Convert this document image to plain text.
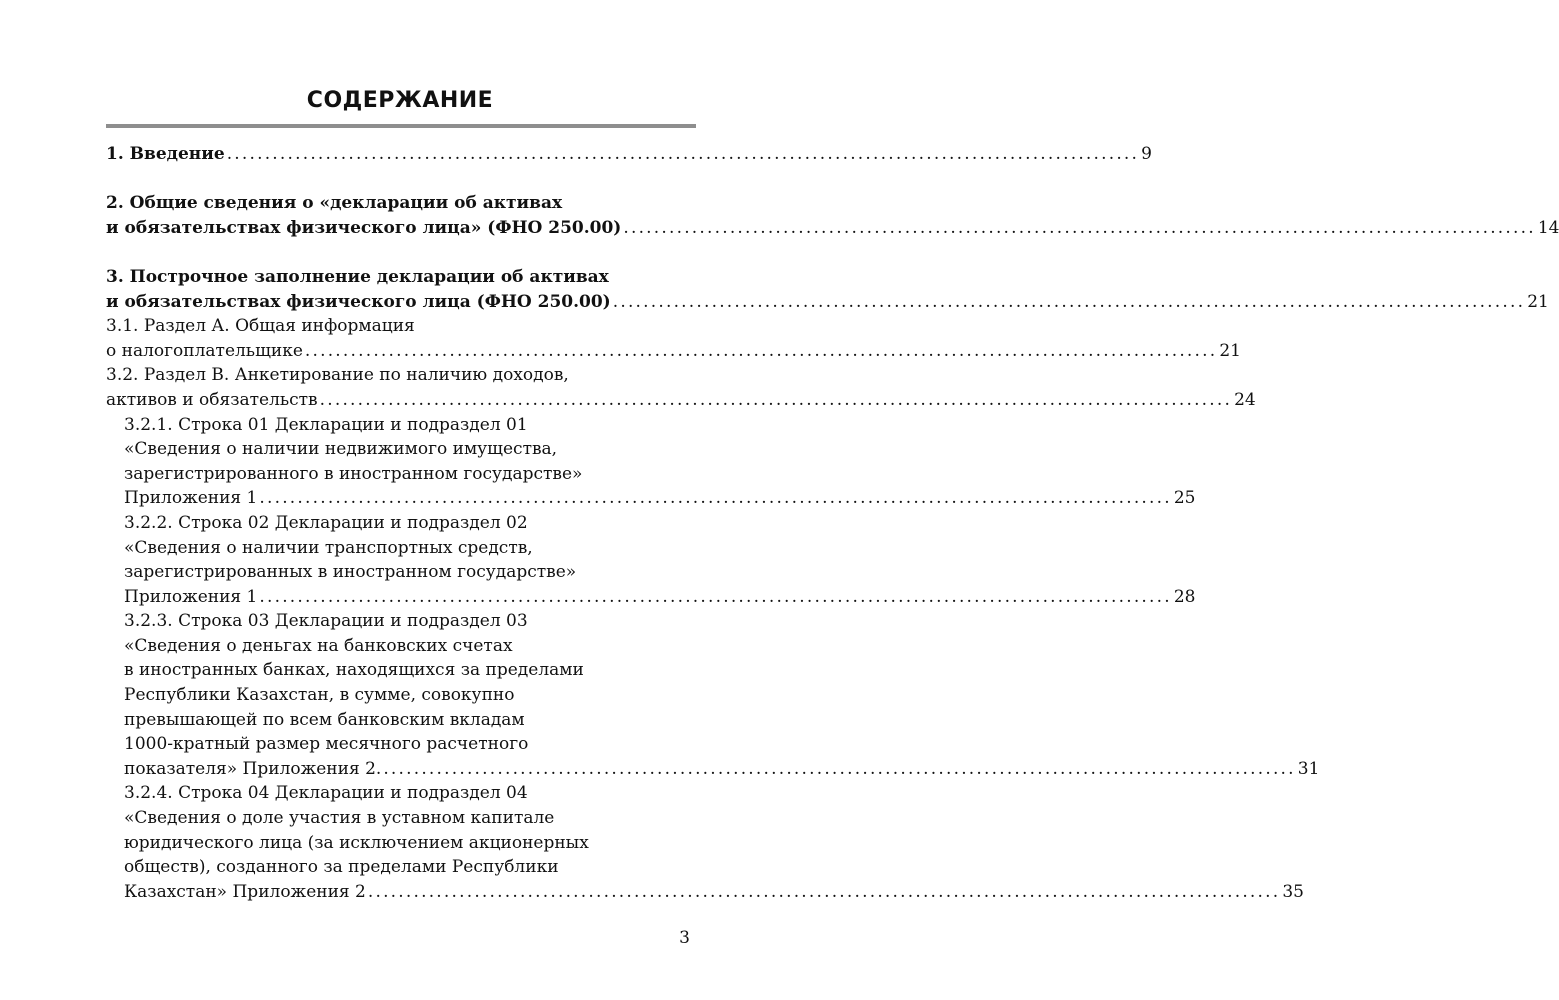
СОДЕРЖАНИЕ
1. Введение ........................................................................................................................ 9
2. Общие сведения о «декларации об активах
и обязательствах физического лица» (ФНО 250.00) ........................................................................................................................ 14
3. Построчное заполнение декларации об активах
и обязательствах физического лица (ФНО 250.00) ........................................................................................................................ 21
3.1. Раздел А. Общая информация
о налогоплательщике ........................................................................................................................ 21
3.2. Раздел В. Анкетирование по наличию доходов,
активов и обязательств ........................................................................................................................ 24
3.2.1. Строка 01 Декларации и подраздел 01
«Сведения о наличии недвижимого имущества,
зарегистрированного в иностранном государстве»
Приложения 1 ........................................................................................................................ 25
3.2.2. Строка 02 Декларации и подраздел 02
«Сведения о наличии транспортных средств,
зарегистрированных в иностранном государстве»
Приложения 1 ........................................................................................................................ 28
3.2.3. Строка 03 Декларации и подраздел 03
«Сведения о деньгах на банковских счетах
в иностранных банках, находящихся за пределами
Республики Казахстан, в сумме, совокупно
превышающей по всем банковским вкладам
1000-кратный размер месячного расчетного
показателя» Приложения 2. ........................................................................................................................ 31
3.2.4. Строка 04 Декларации и подраздел 04
«Сведения о доле участия в уставном капитале
юридического лица (за исключением акционерных
обществ), созданного за пределами Республики
Казахстан» Приложения 2 ........................................................................................................................ 35
3
